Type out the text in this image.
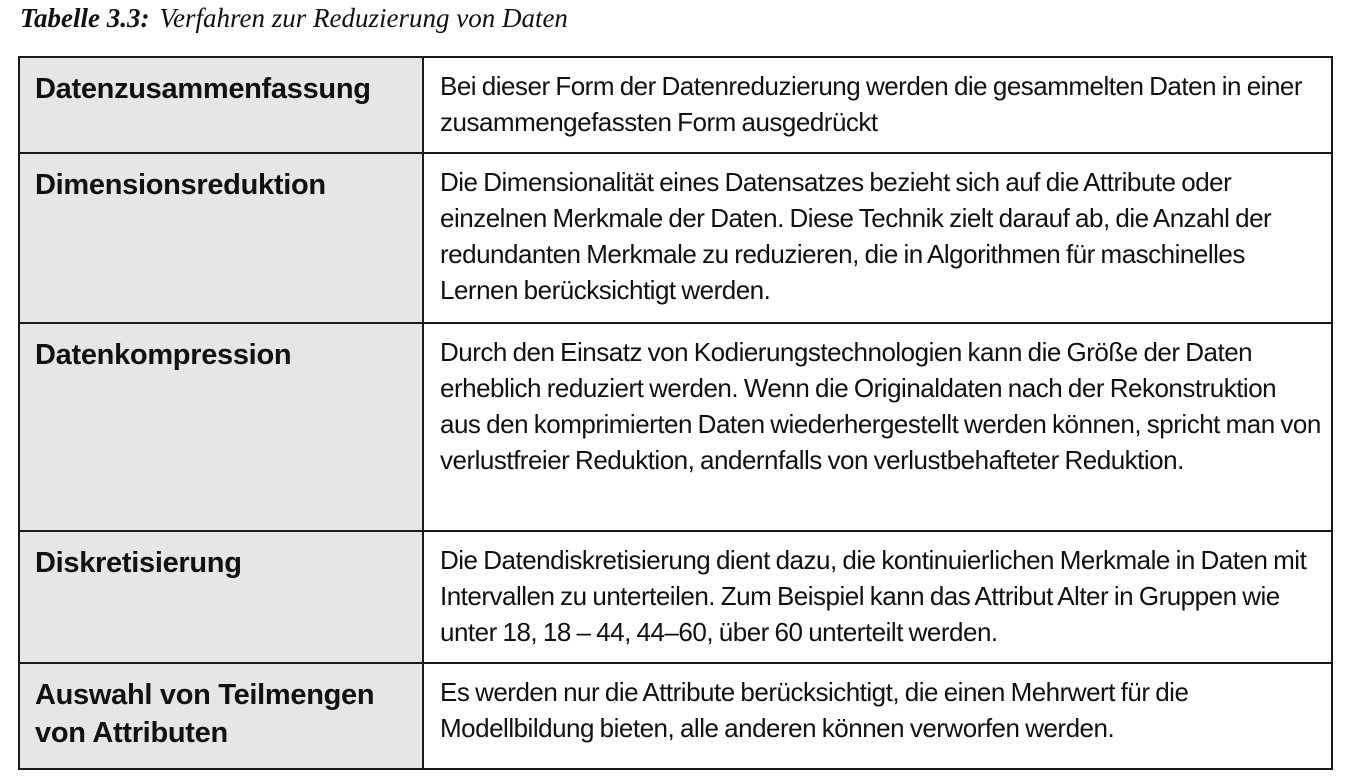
Tabelle 3.3: Verfahren zur Reduzierung von Daten
Datenzusammenfassung	Bei dieser Form der Datenreduzierung werden die gesammelten Daten in einer zusammengefassten Form ausgedrückt
Dimensionsreduktion	Die Dimensionalität eines Datensatzes bezieht sich auf die Attribute oder einzelnen Merkmale der Daten. Diese Technik zielt darauf ab, die Anzahl der redundanten Merkmale zu reduzieren, die in Algorithmen für maschinelles Lernen berücksichtigt werden.
Datenkompression	Durch den Einsatz von Kodierungstechnologien kann die Größe der Daten erheblich reduziert werden. Wenn die Originaldaten nach der Rekonstruktion aus den komprimierten Daten wiederhergestellt werden können, spricht man von verlustfreier Reduktion, andernfalls von verlustbehafteter Reduktion.
Diskretisierung	Die Datendiskretisierung dient dazu, die kontinuierlichen Merkmale in Daten mit Intervallen zu unterteilen. Zum Beispiel kann das Attribut Alter in Gruppen wie unter 18, 18 – 44, 44–60, über 60 unterteilt werden.
Auswahl von Teilmengen von Attributen	Es werden nur die Attribute berücksichtigt, die einen Mehrwert für die Modellbildung bieten, alle anderen können verworfen werden.
